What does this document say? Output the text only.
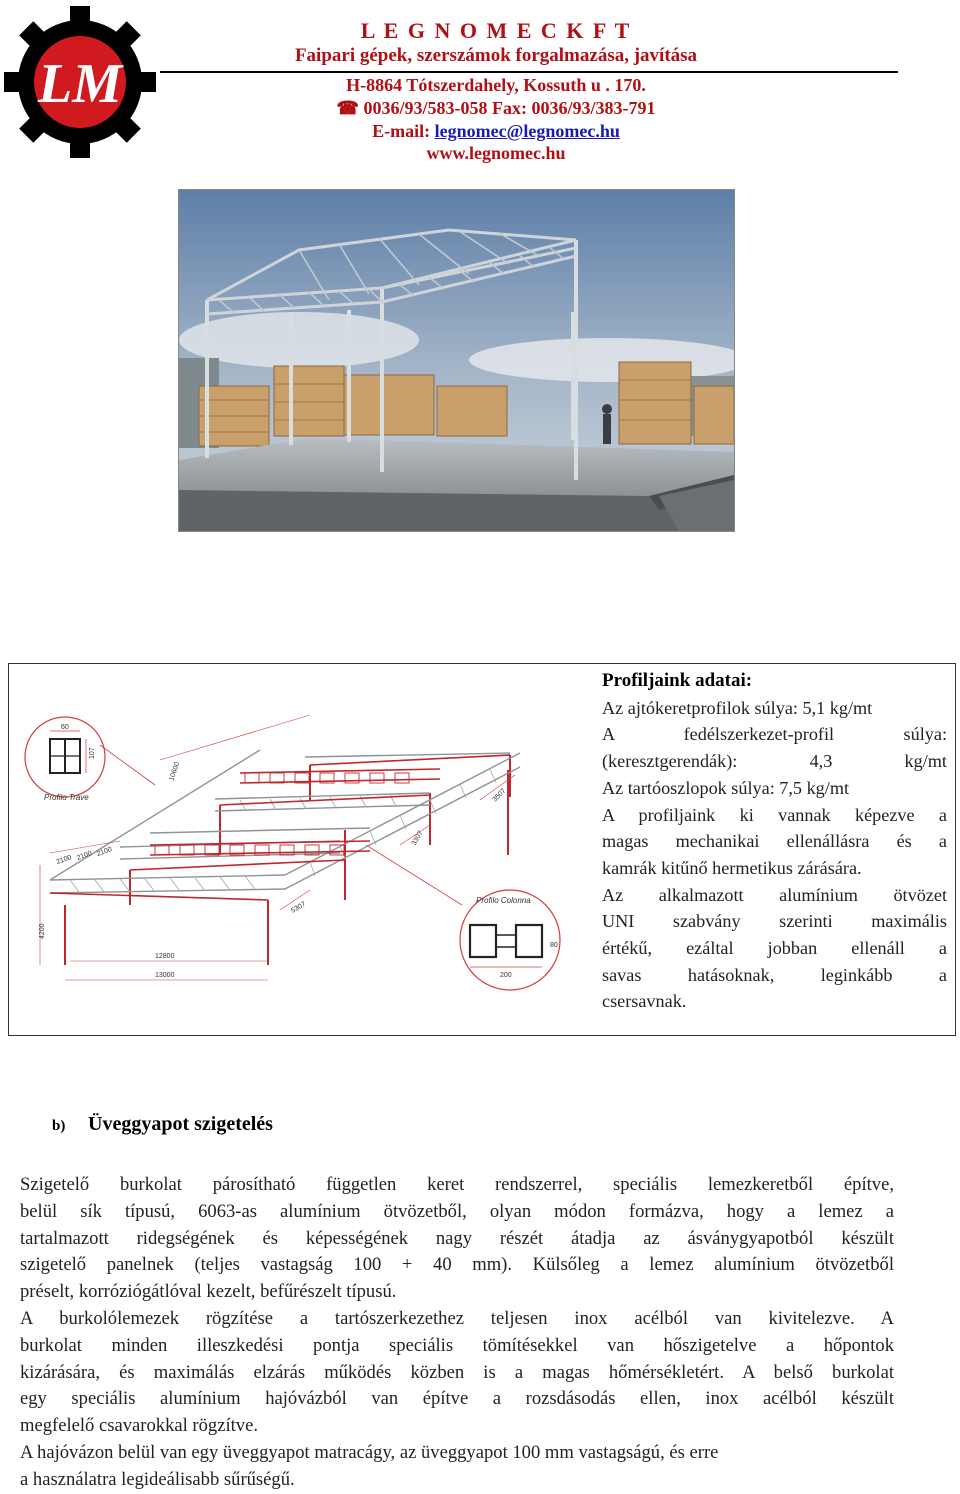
LM
L E G N O M E C K F T
Faipari gépek, szerszámok forgalmazása, javítása
H-8864 Tótszerdahely, Kossuth u . 170.
☎ 0036/93/583-058 Fax: 0036/93/383-791
E-mail: legnomec@legnomec.hu
www.legnomec.hu
60
107
Profilo Trave
Profilo Colonna
200
80
10600
3507
3307
5307
2100 2100 2100
4200
12800
13000
Profiljaink adatai:
Az ajtókeretprofilok súlya: 5,1 kg/mt
A fedélszerkezet-profil súlya:
(keresztgerendák): 4,3 kg/mt
Az tartóoszlopok súlya: 7,5 kg/mt
A profiljaink ki vannak képezve a
magas mechanikai ellenállásra és a
kamrák kitűnő hermetikus zárására.
Az alkalmazott alumínium ötvözet
UNI szabvány szerinti maximális
értékű, ezáltal jobban ellenáll a
savas hatásoknak, leginkább a
csersavnak.
b) Üveggyapot szigetelés
Szigetelő burkolat párosítható független keret rendszerrel, speciális lemezkeretből építve,
belül sík típusú, 6063-as alumínium ötvözetből, olyan módon formázva, hogy a lemez a
tartalmazott ridegségének és képességének nagy részét átadja az ásványgyapotból készült
szigetelő panelnek (teljes vastagság 100 + 40 mm). Külsőleg a lemez alumínium ötvözetből
préselt, korróziógátlóval kezelt, befűrészelt típusú.
A burkolólemezek rögzítése a tartószerkezethez teljesen inox acélból van kivitelezve. A
burkolat minden illeszkedési pontja speciális tömítésekkel van hőszigetelve a hőpontok
kizárására, és maximálás elzárás működés közben is a magas hőmérsékletért. A belső burkolat
egy speciális alumínium hajóvázból van építve a rozsdásodás ellen, inox acélból készült
megfelelő csavarokkal rögzítve.
A hajóvázon belül van egy üveggyapot matracágy, az üveggyapot 100 mm vastagságú, és erre
a használatra legideálisabb sűrűségű.
